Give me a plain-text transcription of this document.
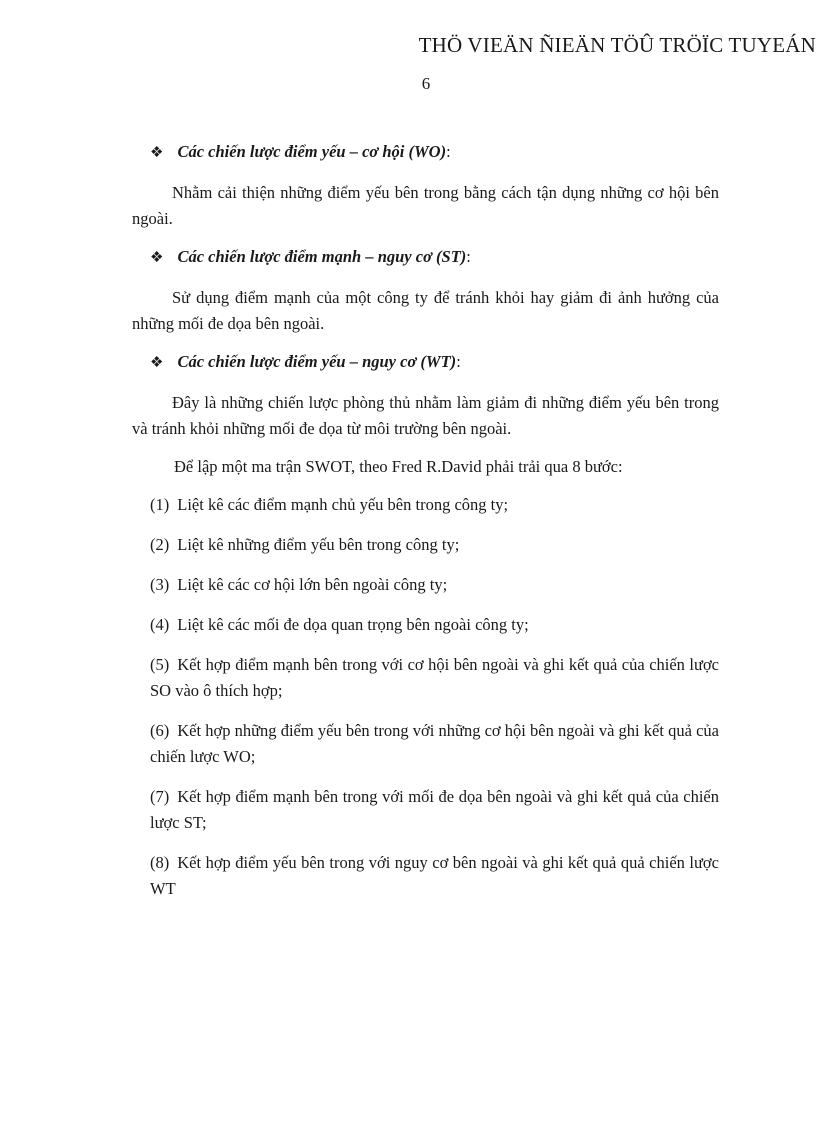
THÖ VIEÄN ÑIEÄN TÖÛ TRÖÏC TUYEÁN
6
❖ Các chiến lược điểm yếu – cơ hội (WO):

Nhằm cải thiện những điểm yếu bên trong bằng cách tận dụng những cơ hội bên ngoài.

❖ Các chiến lược điểm mạnh – nguy cơ (ST):

Sử dụng điểm mạnh của một công ty để tránh khỏi hay giảm đi ảnh hưởng của những mối đe dọa bên ngoài.

❖ Các chiến lược điểm yếu – nguy cơ (WT):

Đây là những chiến lược phòng thủ nhằm làm giảm đi những điểm yếu bên trong và tránh khỏi những mối đe dọa từ môi trường bên ngoài.

Để lập một ma trận SWOT, theo Fred R.David phải trải qua 8 bước:

(1) Liệt kê các điểm mạnh chủ yếu bên trong công ty;
(2) Liệt kê những điểm yếu bên trong công ty;
(3) Liệt kê các cơ hội lớn bên ngoài công ty;
(4) Liệt kê các mối đe dọa quan trọng bên ngoài công ty;
(5) Kết hợp điểm mạnh bên trong với cơ hội bên ngoài và ghi kết quả của chiến lược SO vào ô thích hợp;
(6) Kết hợp những điểm yếu bên trong với những cơ hội bên ngoài và ghi kết quả của chiến lược WO;
(7) Kết hợp điểm mạnh bên trong với mối đe dọa bên ngoài và ghi kết quả của chiến lược ST;
(8) Kết hợp điểm yếu bên trong với nguy cơ bên ngoài và ghi kết quả quả chiến lược WT
